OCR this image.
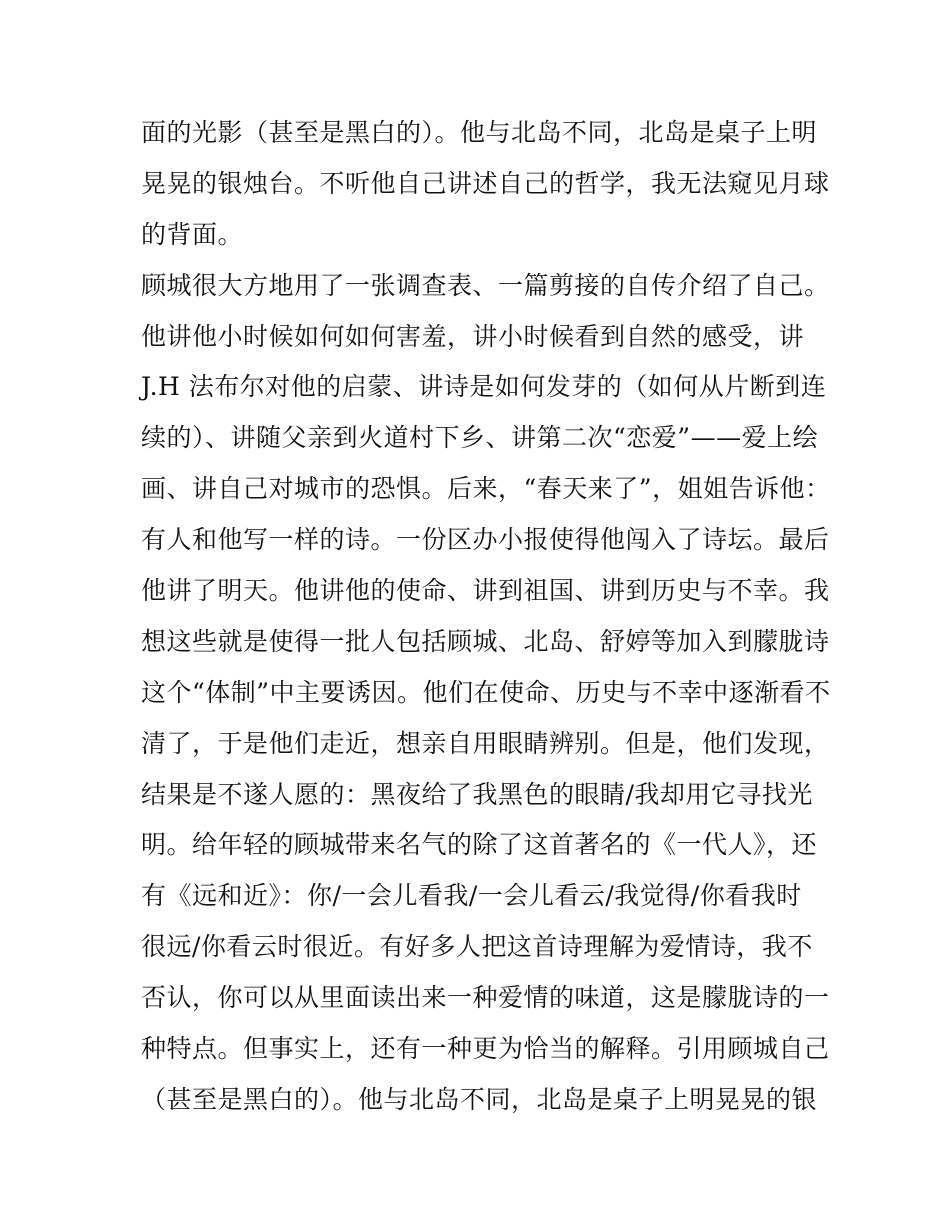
面的光影（甚至是黑白的）。他与北岛不同，北岛是桌子上明
晃晃的银烛台。不听他自己讲述自己的哲学，我无法窥见月球
的背面。
顾城很大方地用了一张调查表、一篇剪接的自传介绍了自己。
他讲他小时候如何如何害羞，讲小时候看到自然的感受，讲
J.H 法布尔对他的启蒙、讲诗是如何发芽的（如何从片断到连
续的）、讲随父亲到火道村下乡、讲第二次“恋爱”——爱上绘
画、讲自己对城市的恐惧。后来，“春天来了”，姐姐告诉他：
有人和他写一样的诗。一份区办小报使得他闯入了诗坛。最后
他讲了明天。他讲他的使命、讲到祖国、讲到历史与不幸。我
想这些就是使得一批人包括顾城、北岛、舒婷等加入到朦胧诗
这个“体制”中主要诱因。他们在使命、历史与不幸中逐渐看不
清了，于是他们走近，想亲自用眼睛辨别。但是，他们发现，
结果是不遂人愿的：黑夜给了我黑色的眼睛/我却用它寻找光
明。给年轻的顾城带来名气的除了这首著名的《一代人》，还
有《远和近》：你/一会儿看我/一会儿看云/我觉得/你看我时
很远/你看云时很近。有好多人把这首诗理解为爱情诗，我不
否认，你可以从里面读出来一种爱情的味道，这是朦胧诗的一
种特点。但事实上，还有一种更为恰当的解释。引用顾城自己
（甚至是黑白的）。他与北岛不同，北岛是桌子上明晃晃的银
